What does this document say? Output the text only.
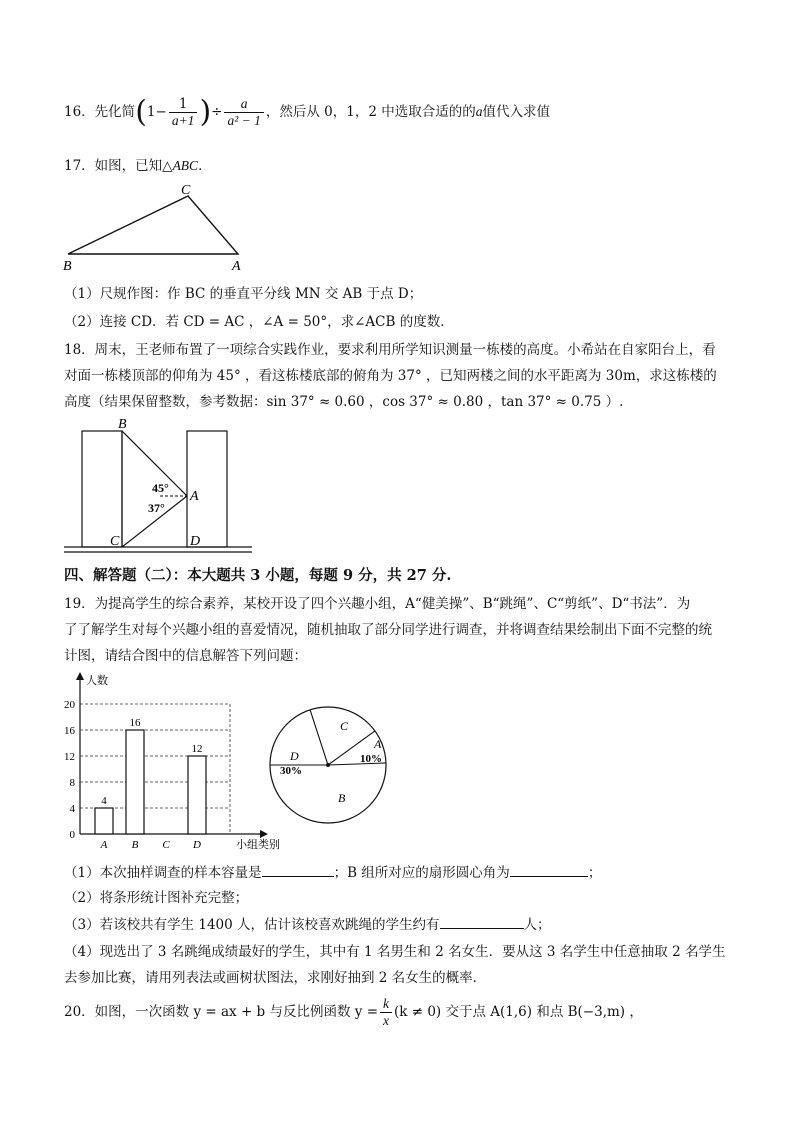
16．先化简($1- \frac{1}{a+1}$ )÷ $\frac{a}{\text{a² − 1}}$ ，然后从 0，1，2 中选取合适的的a值代入求值
17．如图，已知△ABC．
C
B	A
（1）尺规作图：作 BC 的垂直平分线 MN 交 AB 于点 D；
（2）连接 CD．若 CD = AC ，∠A = 50°，求∠ACB 的度数．
18．周末，王老师布置了一项综合实践作业，要求利用所学知识测量一栋楼的高度。小希站在自家阳台上，看
对面一栋楼顶部的仰角为 45° ，看这栋楼底部的俯角为 37° ，已知两楼之间的水平距离为 30m，求这栋楼的
高度（结果保留整数，参考数据：sin 37° ≈ 0.60 ，cos 37° ≈ 0.80 ，tan 37° ≈ 0.75 ）.
B
A
C	D
45°
37°
四、解答题（二）：本大题共 3 小题，每题 9 分，共 27 分.
19．为提高学生的综合素养，某校开设了四个兴趣小组，A“健美操”、B“跳绳”、C“剪纸”、D“书法”．为
了了解学生对每个兴趣小组的喜爱情况，随机抽取了部分同学进行调查，并将调查结果绘制出下面不完整的统
计图，请结合图中的信息解答下列问题：
人数
小组类别
0
4
8
12
16
20
4
A
16
B C
12
D
A
10%
B
C
D
30%
（1）本次抽样调查的样本容量是	；B 组所对应的扇形圆心角为	；
（2）将条形统计图补充完整；
（3）若该校共有学生 1400 人，估计该校喜欢跳绳的学生约有	人；
（4）现选出了 3 名跳绳成绩最好的学生，其中有 1 名男生和 2 名女生．要从这 3 名学生中任意抽取 2 名学生
去参加比赛，请用列表法或画树状图法，求刚好抽到 2 名女生的概率．
20．如图，一次函数 y = ax + b 与反比例函数 $y = \frac{k}{x} (k \ne 0)$ 交于点 A(1,6) 和点 B(−3,m) ，
